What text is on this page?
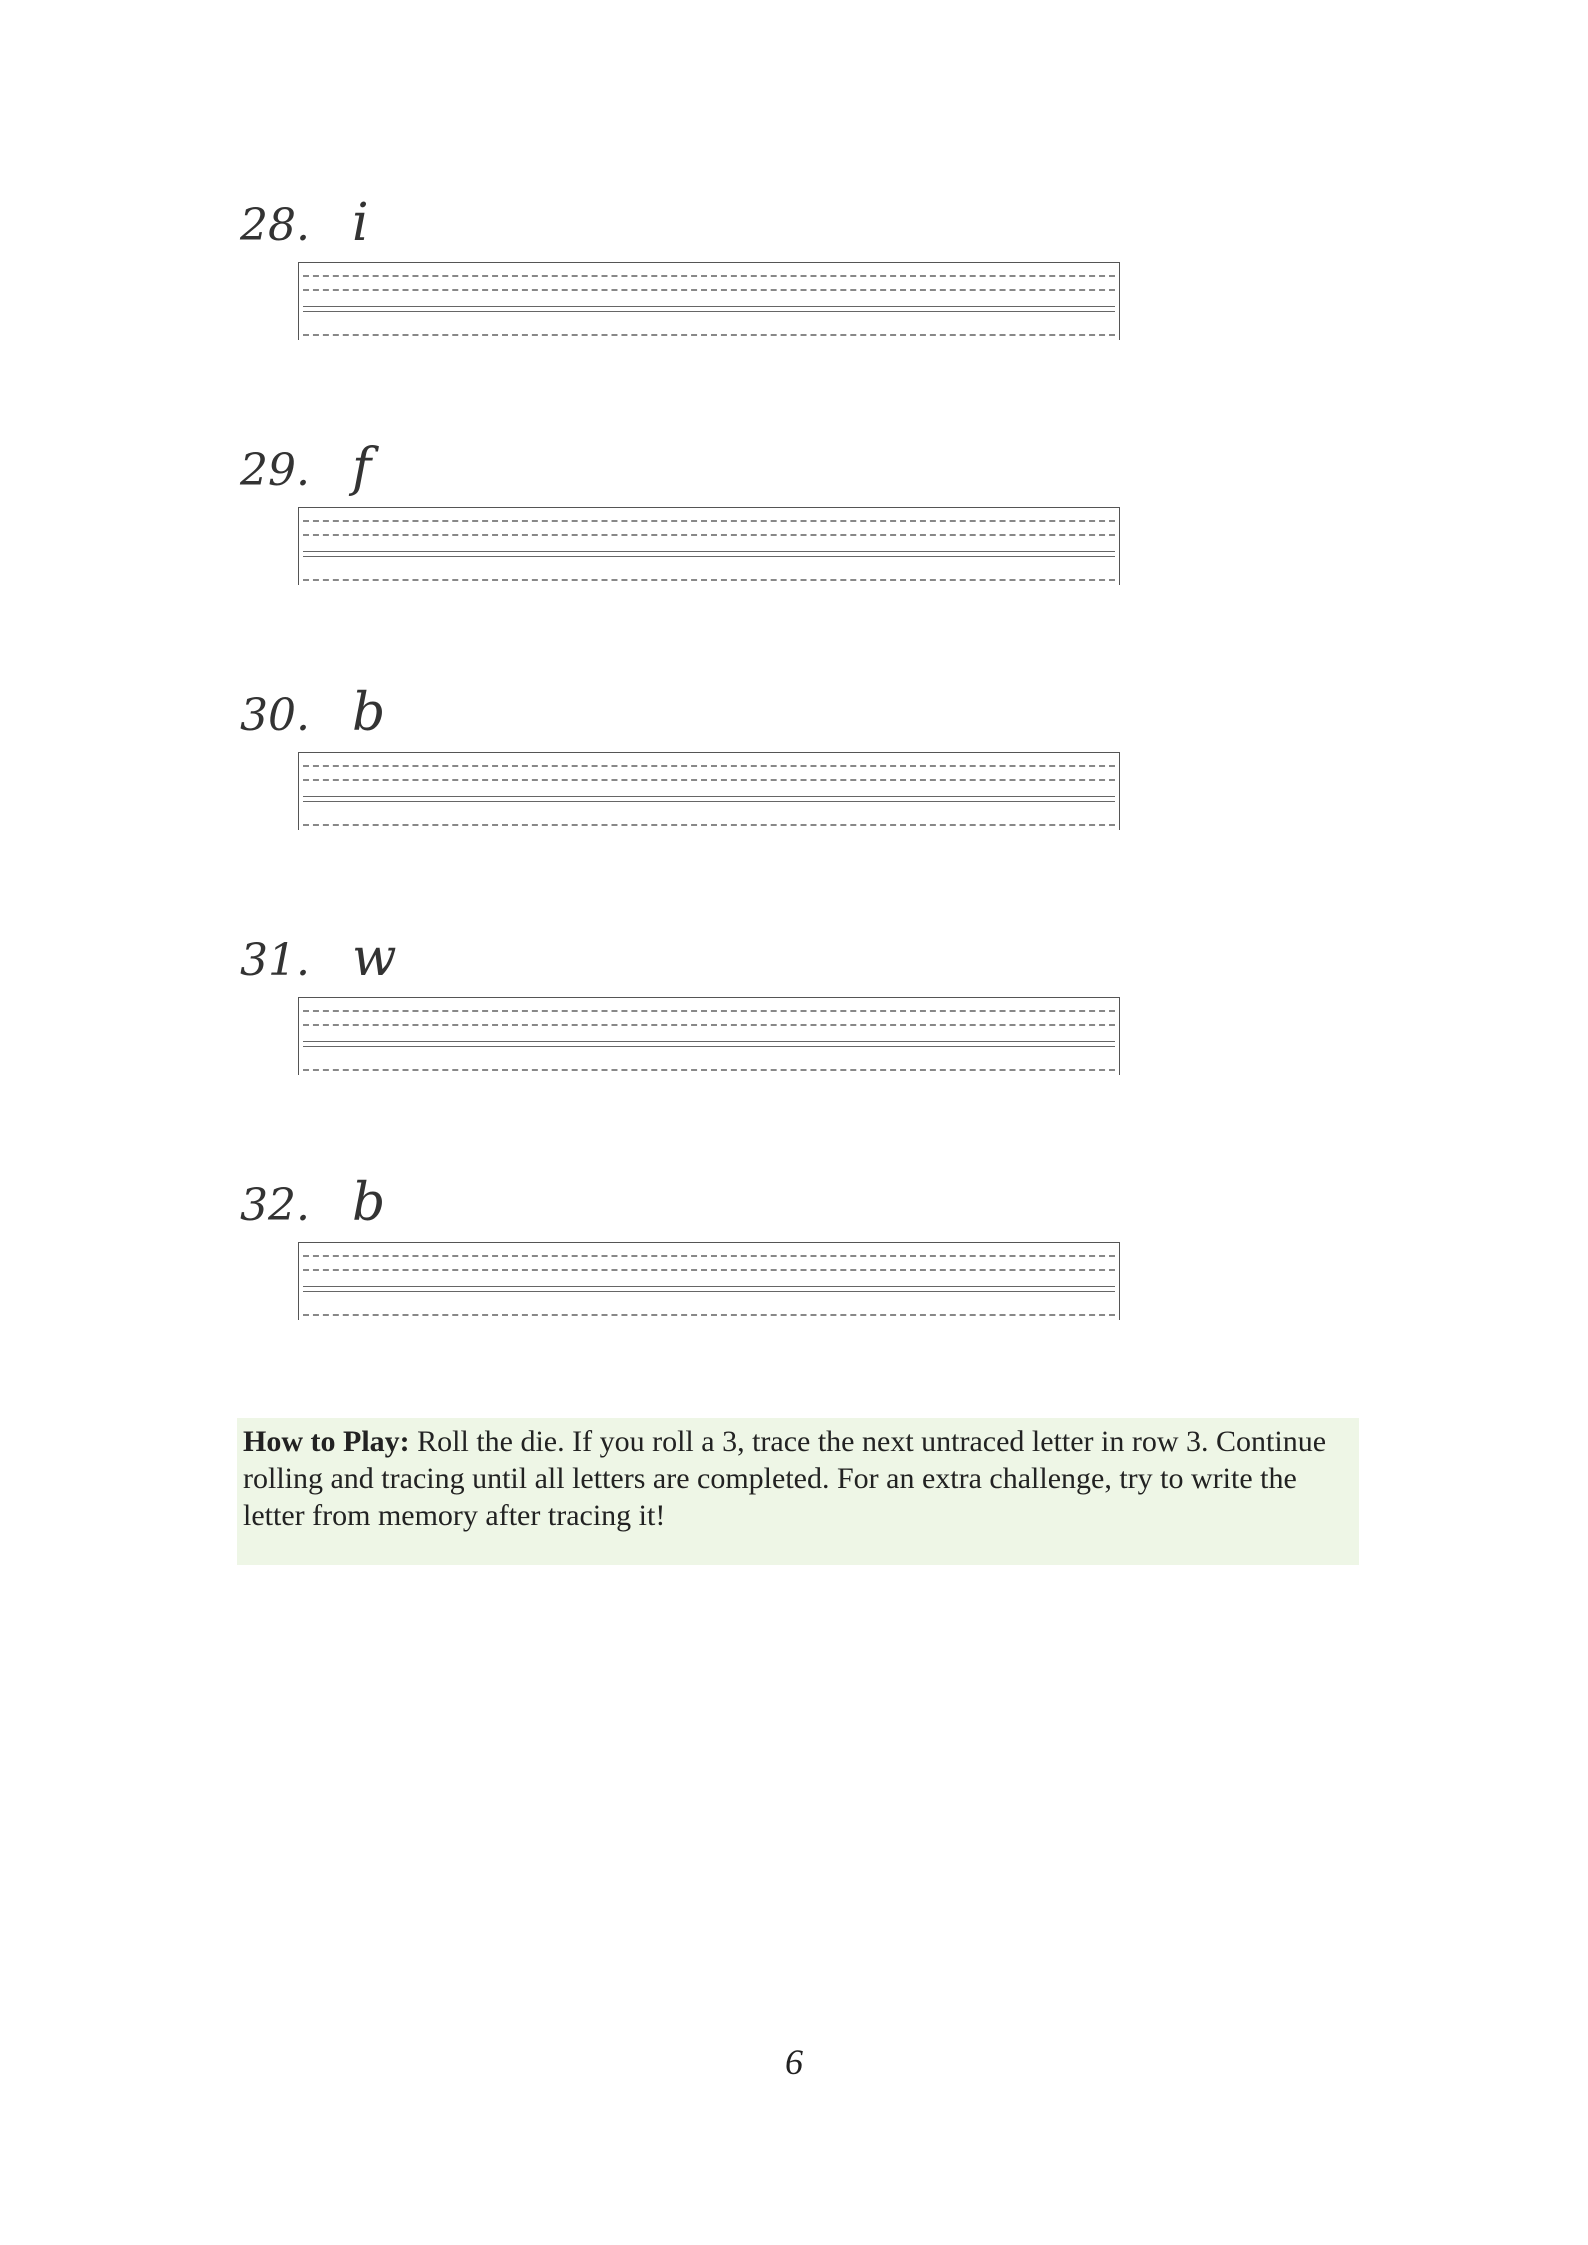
28. i
29. f
30. b
31. w
32. b
How to Play: Roll the die. If you roll a 3, trace the next untraced letter in row 3. Continue rolling and tracing until all letters are completed. For an extra challenge, try to write the letter from memory after tracing it!
6
